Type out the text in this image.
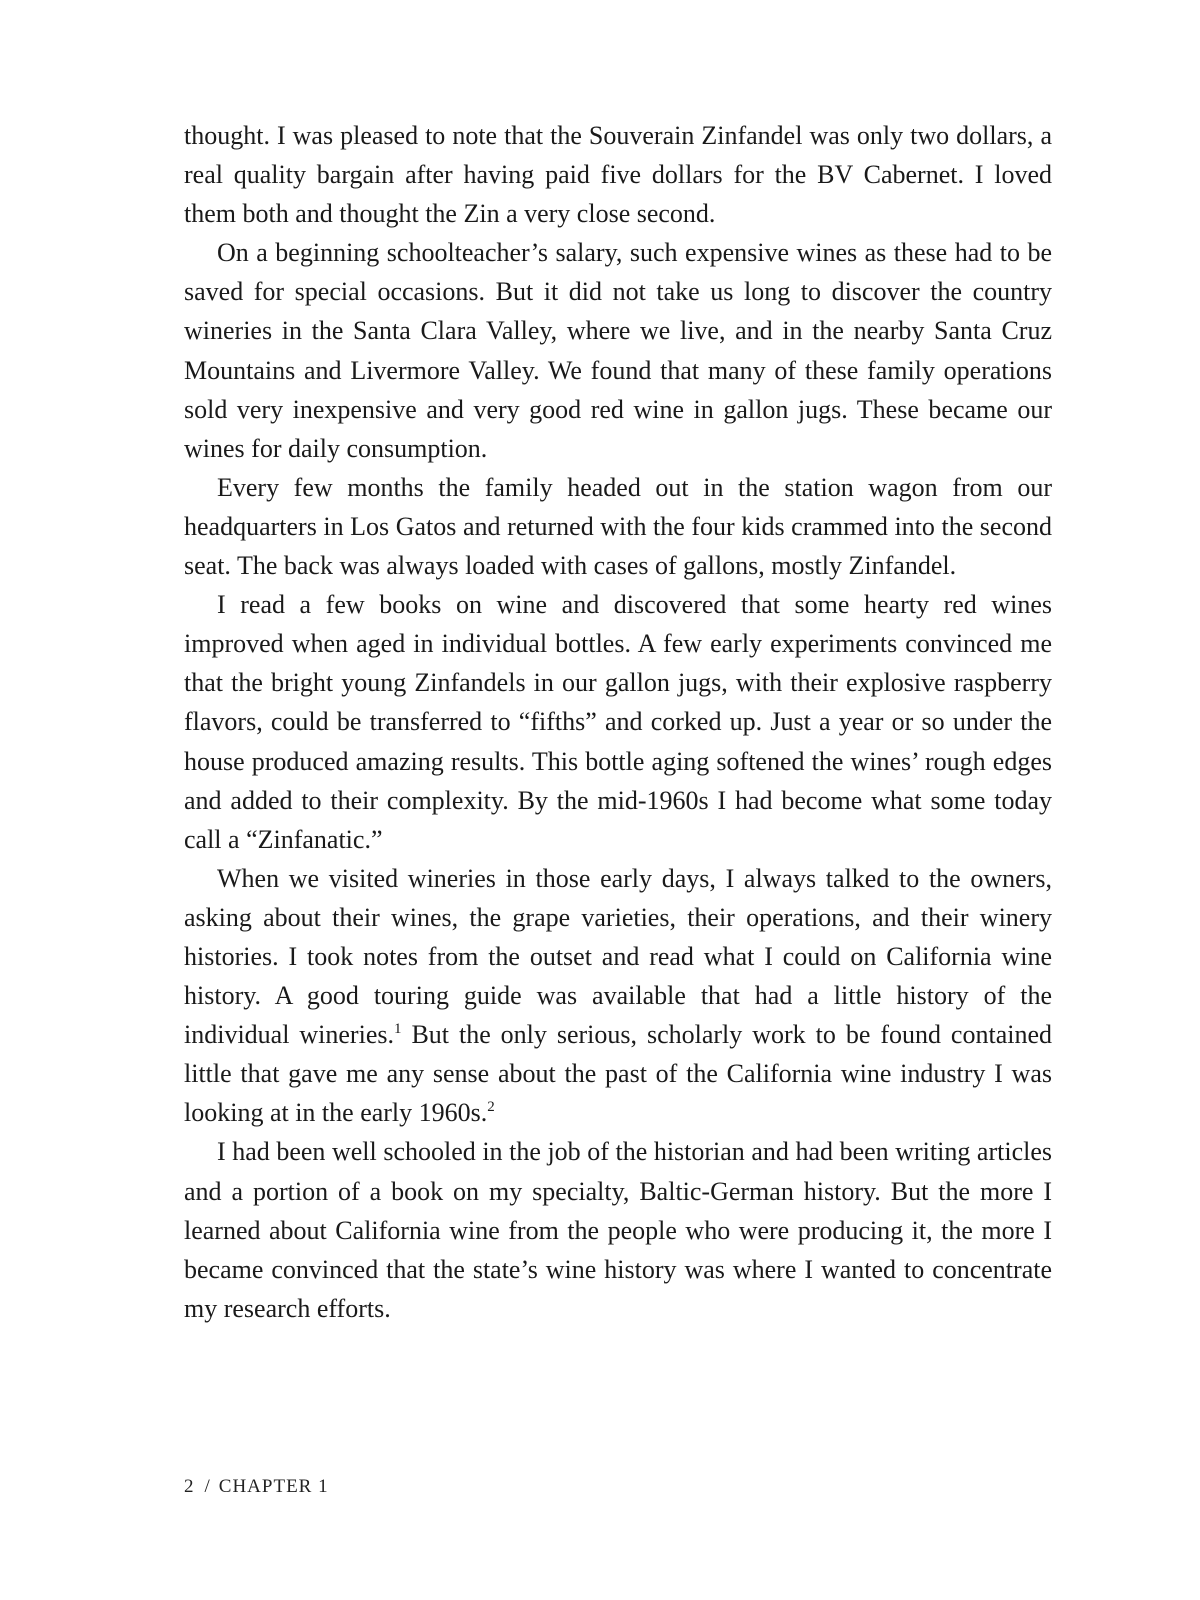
thought. I was pleased to note that the Souverain Zinfandel was only two dollars, a real quality bargain after having paid five dollars for the BV Cabernet. I loved them both and thought the Zin a very close second.

On a beginning schoolteacher’s salary, such expensive wines as these had to be saved for special occasions. But it did not take us long to discover the country wineries in the Santa Clara Valley, where we live, and in the nearby Santa Cruz Mountains and Livermore Valley. We found that many of these family operations sold very inexpensive and very good red wine in gallon jugs. These became our wines for daily consumption.

Every few months the family headed out in the station wagon from our headquarters in Los Gatos and returned with the four kids crammed into the second seat. The back was always loaded with cases of gallons, mostly Zinfandel.

I read a few books on wine and discovered that some hearty red wines improved when aged in individual bottles. A few early experiments convinced me that the bright young Zinfandels in our gallon jugs, with their explosive raspberry flavors, could be transferred to “fifths” and corked up. Just a year or so under the house produced amazing results. This bottle aging softened the wines’ rough edges and added to their complexity. By the mid-1960s I had become what some today call a “Zinfanatic.”

When we visited wineries in those early days, I always talked to the owners, asking about their wines, the grape varieties, their operations, and their winery histories. I took notes from the outset and read what I could on California wine history. A good touring guide was available that had a little history of the individual wineries.$^1$ But the only serious, scholarly work to be found contained little that gave me any sense about the past of the California wine industry I was looking at in the early 1960s.$^2$

I had been well schooled in the job of the historian and had been writing articles and a portion of a book on my specialty, Baltic-German history. But the more I learned about California wine from the people who were producing it, the more I became convinced that the state’s wine history was where I wanted to concentrate my research efforts.

2 / CHAPTER 1
